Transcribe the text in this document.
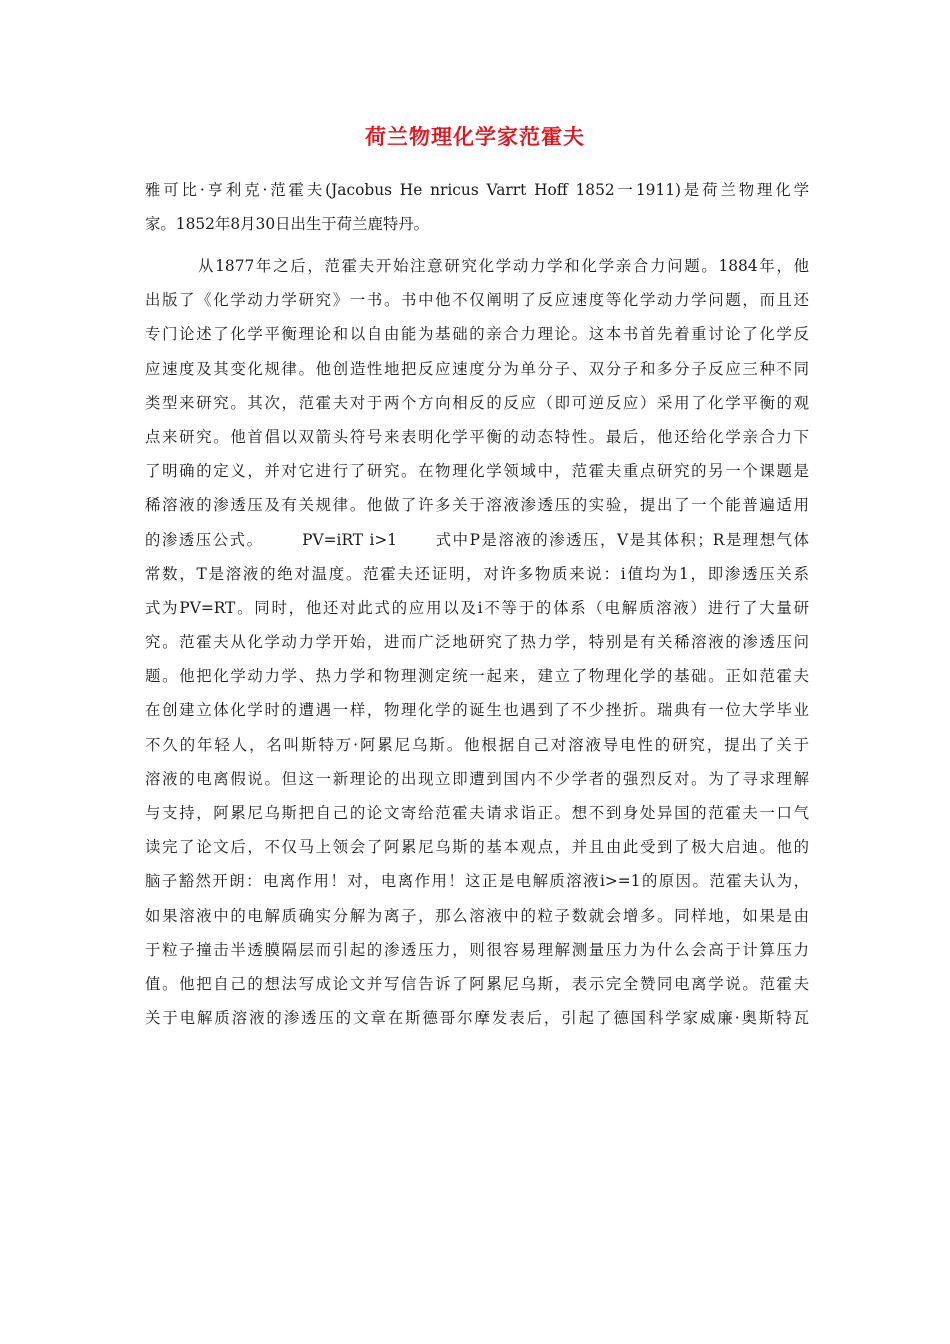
荷兰物理化学家范霍夫
雅可比·亨利克·范霍夫(Jacobus He nricus Varrt Hoff 1852一1911)是荷兰物理化学
家。1852年8月30日出生于荷兰鹿特丹。
从1877年之后，范霍夫开始注意研究化学动力学和化学亲合力问题。1884年，他
出版了《化学动力学研究》一书。书中他不仅阐明了反应速度等化学动力学问题，而且还
专门论述了化学平衡理论和以自由能为基础的亲合力理论。这本书首先着重讨论了化学反
应速度及其变化规律。他创造性地把反应速度分为单分子、双分子和多分子反应三种不同
类型来研究。其次，范霍夫对于两个方向相反的反应（即可逆反应）采用了化学平衡的观
点来研究。他首倡以双箭头符号来表明化学平衡的动态特性。最后，他还给化学亲合力下
了明确的定义，并对它进行了研究。在物理化学领域中，范霍夫重点研究的另一个课题是
稀溶液的渗透压及有关规律。他做了许多关于溶液渗透压的实验，提出了一个能普遍适用
的渗透压公式。      PV=iRT i>1      式中P是溶液的渗透压，V是其体积；R是理想气体
常数，T是溶液的绝对温度。范霍夫还证明，对许多物质来说：i值均为1，即渗透压关系
式为PV=RT。同时，他还对此式的应用以及i不等于的体系（电解质溶液）进行了大量研
究。范霍夫从化学动力学开始，进而广泛地研究了热力学，特别是有关稀溶液的渗透压问
题。他把化学动力学、热力学和物理测定统一起来，建立了物理化学的基础。正如范霍夫
在创建立体化学时的遭遇一样，物理化学的诞生也遇到了不少挫折。瑞典有一位大学毕业
不久的年轻人，名叫斯特万·阿累尼乌斯。他根据自己对溶液导电性的研究，提出了关于
溶液的电离假说。但这一新理论的出现立即遭到国内不少学者的强烈反对。为了寻求理解
与支持，阿累尼乌斯把自己的论文寄给范霍夫请求诣正。想不到身处异国的范霍夫一口气
读完了论文后，不仅马上领会了阿累尼乌斯的基本观点，并且由此受到了极大启迪。他的
脑子豁然开朗：电离作用！对，电离作用！这正是电解质溶液i>=1的原因。范霍夫认为，
如果溶液中的电解质确实分解为离子，那么溶液中的粒子数就会增多。同样地，如果是由
于粒子撞击半透膜隔层而引起的渗透压力，则很容易理解测量压力为什么会高于计算压力
值。他把自己的想法写成论文并写信告诉了阿累尼乌斯，表示完全赞同电离学说。范霍夫
关于电解质溶液的渗透压的文章在斯德哥尔摩发表后，引起了德国科学家威廉·奥斯特瓦
